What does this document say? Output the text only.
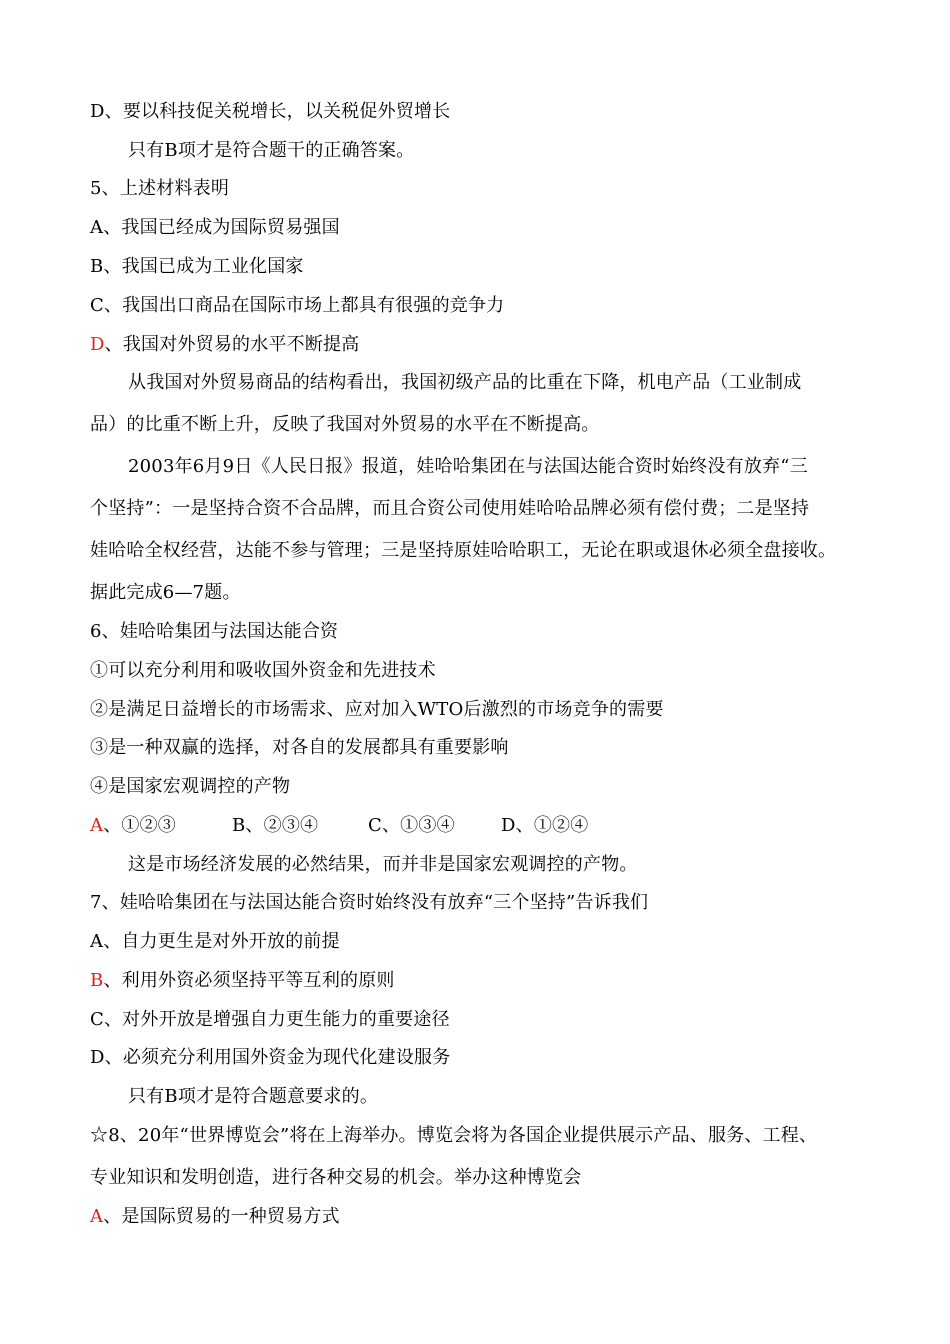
D、要以科技促关税增长，以关税促外贸增长
只有B项才是符合题干的正确答案。
5、上述材料表明
A、我国已经成为国际贸易强国
B、我国已成为工业化国家
C、我国出口商品在国际市场上都具有很强的竞争力
D、我国对外贸易的水平不断提高
从我国对外贸易商品的结构看出，我国初级产品的比重在下降，机电产品（工业制成
品）的比重不断上升，反映了我国对外贸易的水平在不断提高。
2003年6月9日《人民日报》报道，娃哈哈集团在与法国达能合资时始终没有放弃“三
个坚持”：一是坚持合资不合品牌，而且合资公司使用娃哈哈品牌必须有偿付费；二是坚持
娃哈哈全权经营，达能不参与管理；三是坚持原娃哈哈职工，无论在职或退休必须全盘接收。
据此完成6—7题。
6、娃哈哈集团与法国达能合资
①可以充分利用和吸收国外资金和先进技术
②是满足日益增长的市场需求、应对加入WTO后激烈的市场竞争的需要
③是一种双赢的选择，对各自的发展都具有重要影响
④是国家宏观调控的产物
A、①②③	B、②③④	C、①③④	D、①②④
这是市场经济发展的必然结果，而并非是国家宏观调控的产物。
7、娃哈哈集团在与法国达能合资时始终没有放弃“三个坚持”告诉我们
A、自力更生是对外开放的前提
B、利用外资必须坚持平等互利的原则
C、对外开放是增强自力更生能力的重要途径
D、必须充分利用国外资金为现代化建设服务
只有B项才是符合题意要求的。
☆8、20年“世界博览会”将在上海举办。博览会将为各国企业提供展示产品、服务、工程、
专业知识和发明创造，进行各种交易的机会。举办这种博览会
A、是国际贸易的一种贸易方式
